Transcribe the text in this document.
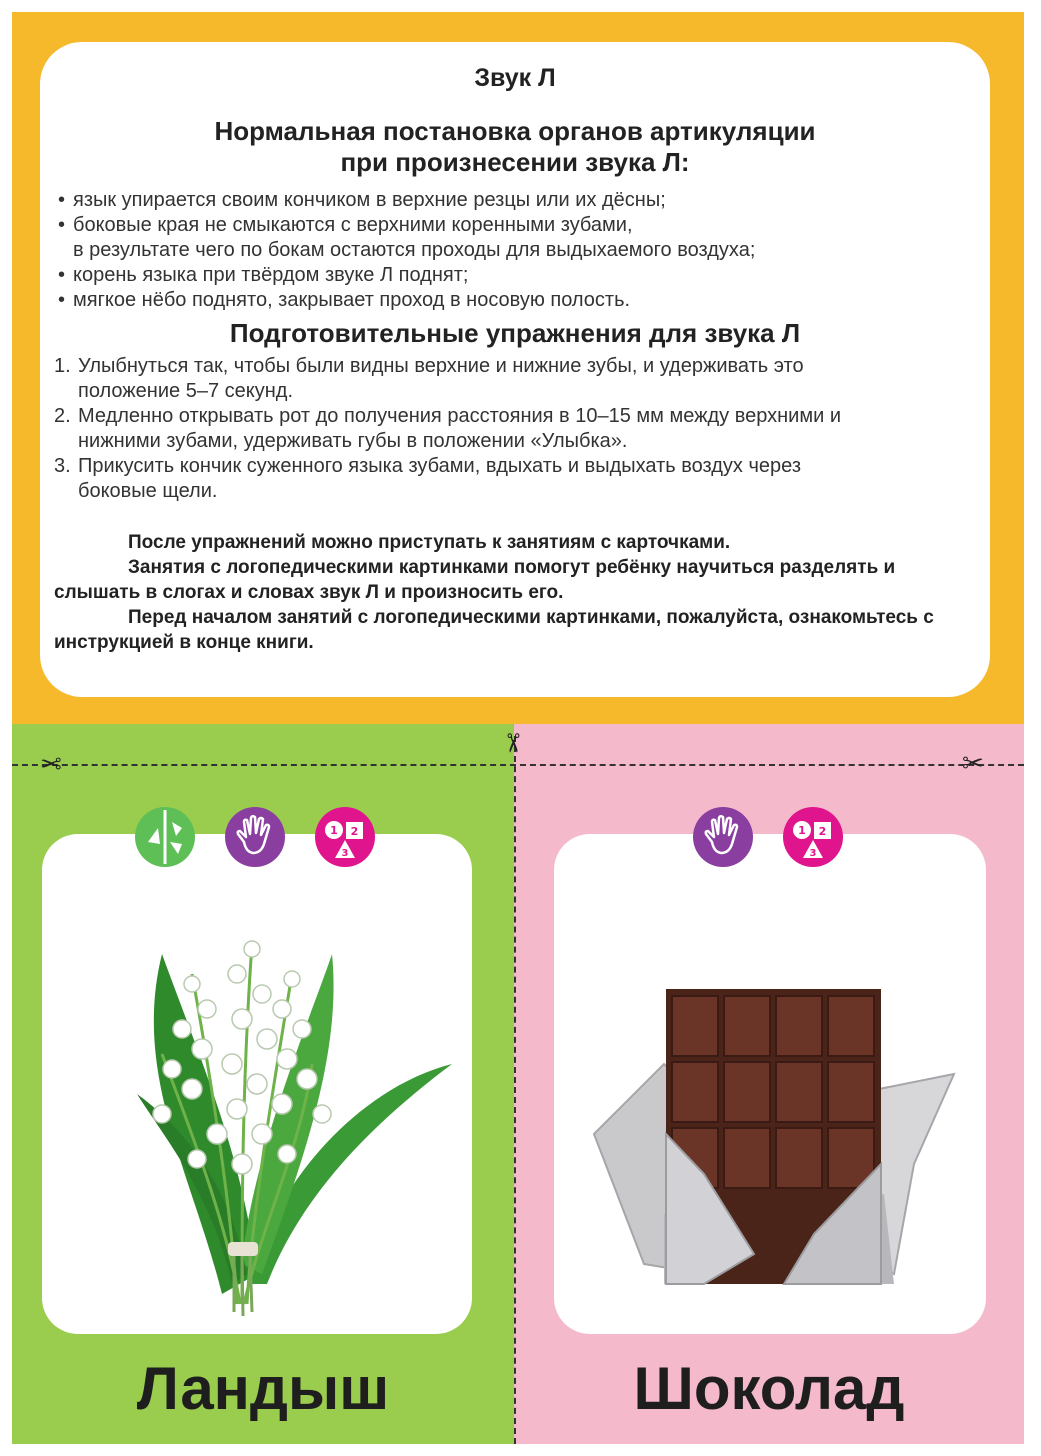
Звук Л
Нормальная постановка органов артикуляции
при произнесении звука Л:
• язык упирается своим кончиком в верхние резцы или их дёсны;
• боковые края не смыкаются с верхними коренными зубами,
в результате чего по бокам остаются проходы для выдыхаемого воздуха;
• корень языка при твёрдом звуке Л поднят;
• мягкое нёбо поднято, закрывает проход в носовую полость.
Подготовительные упражнения для звука Л
1. Улыбнуться так, чтобы были видны верхние и нижние зубы, и удерживать это
положение 5–7 секунд.
2. Медленно открывать рот до получения расстояния в 10–15 мм между верхними и
нижними зубами, удерживать губы в положении «Улыбка».
3. Прикусить кончик суженного языка зубами, вдыхать и выдыхать воздух через
боковые щели.

После упражнений можно приступать к занятиям с карточками.

Занятия с логопедическими картинками помогут ребёнку научиться разделять и слышать в слогах и словах звук Л и произносить его.

Перед началом занятий с логопедическими картинками, пожалуйста, ознакомьтесь с инструкцией в конце книги.

1 2
3
Ландыш
1 2
3
Шоколад
✂
✂
✂
